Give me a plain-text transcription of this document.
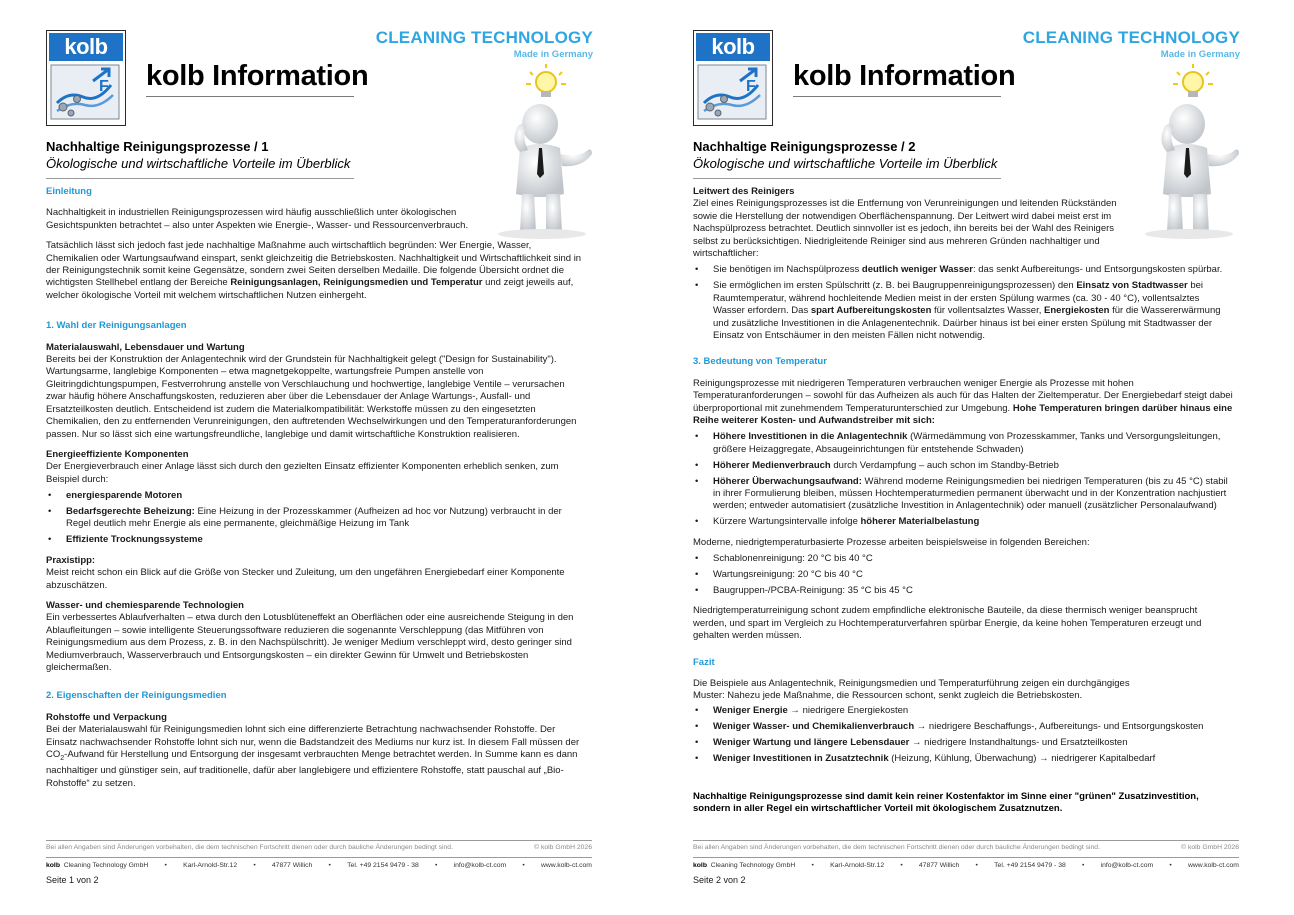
kolb
F kolb Information
CLEANING TECHNOLOGY
Made in Germany
Nachhaltige Reinigungsprozesse / 1
Ökologische und wirtschaftliche Vorteile im Überblick
Einleitung

Nachhaltigkeit in industriellen Reinigungsprozessen wird häufig ausschließlich unter ökologischen Gesichtspunkten betrachtet – also unter Aspekten wie Energie-, Wasser- und Ressourcenverbrauch.

Tatsächlich lässt sich jedoch fast jede nachhaltige Maßnahme auch wirtschaftlich begründen: Wer Energie, Wasser, Chemikalien oder Wartungsaufwand einspart, senkt gleichzeitig die Betriebskosten. Nachhaltigkeit und Wirtschaftlichkeit sind in der Reinigungstechnik somit keine Gegensätze, sondern zwei Seiten derselben Medaille. Die folgende Übersicht ordnet die wichtigsten Stellhebel entlang der Bereiche Reinigungsanlagen, Reinigungsmedien und Temperatur und zeigt jeweils auf, welcher ökologische Vorteil mit welchem wirtschaftlichen Nutzen einhergeht.

1. Wahl der Reinigungsanlagen
Materialauswahl, Lebensdauer und Wartung

Bereits bei der Konstruktion der Anlagentechnik wird der Grundstein für Nachhaltigkeit gelegt ("Design for Sustainability"). Wartungsarme, langlebige Komponenten – etwa magnetgekoppelte, wartungsfreie Pumpen anstelle von Gleitringdichtungspumpen, Festverrohrung anstelle von Verschlauchung und hochwertige, langlebige Ventile – verursachen zwar häufig höhere Anschaffungskosten, reduzieren aber über die Lebensdauer der Anlage Wartungs-, Ausfall- und Ersatzteilkosten deutlich. Entscheidend ist zudem die Materialkompatibilität: Werkstoffe müssen zu den eingesetzten Chemikalien, den zu entfernenden Verunreinigungen, den auftretenden Wechselwirkungen und den Temperaturanforderungen passen. Nur so lässt sich eine wartungsfreundliche, langlebige und damit wirtschaftliche Konstruktion realisieren.

Energieeffiziente Komponenten

Der Energieverbrauch einer Anlage lässt sich durch den gezielten Einsatz effizienter Komponenten erheblich senken, zum Beispiel durch:

• energiesparende Motoren
• Bedarfsgerechte Beheizung: Eine Heizung in der Prozesskammer (Aufheizen ad hoc vor Nutzung) verbraucht in der Regel deutlich mehr Energie als eine permanente, gleichmäßige Heizung im Tank
• Effiziente Trocknungssysteme
Praxistipp:

Meist reicht schon ein Blick auf die Größe von Stecker und Zuleitung, um den ungefähren Energiebedarf einer Komponente abzuschätzen.

Wasser- und chemiesparende Technologien

Ein verbessertes Ablaufverhalten – etwa durch den Lotusblüteneffekt an Oberflächen oder eine ausreichende Steigung in den Ablaufleitungen – sowie intelligente Steuerungssoftware reduzieren die sogenannte Verschleppung (das Mitführen von Reinigungsmedium aus dem Prozess, z. B. in den Nachspülschritt). Je weniger Medium verschleppt wird, desto geringer sind Mediumverbrauch, Wasserverbrauch und Entsorgungskosten – ein direkter Gewinn für Umwelt und Betriebskosten gleichermaßen.

2. Eigenschaften der Reinigungsmedien
Rohstoffe und Verpackung

Bei der Materialauswahl für Reinigungsmedien lohnt sich eine differenzierte Betrachtung nachwachsender Rohstoffe. Der Einsatz nachwachsender Rohstoffe lohnt sich nur, wenn die Badstandzeit des Mediums nur kurz ist. In diesem Fall müssen der $CO_2$-Aufwand für Herstellung und Entsorgung der insgesamt verbrauchten Menge betrachtet werden. In Summe kann es dann nachhaltiger und günstiger sein, auf traditionelle, dafür aber langlebigere und effizientere Rohstoffe, statt pauschal auf „Bio-Rohstoffe“ zu setzen.

Bei allen Angaben sind Änderungen vorbehalten, die dem technischen Fortschritt dienen oder durch bauliche Änderungen bedingt sind.	© kolb GmbH 2026
kolb Cleaning Technology GmbH • Karl-Arnold-Str.12 • 47877 Willich • Tel. +49 2154 9479 - 38 • info@kolb-ct.com • www.kolb-ct.com
Seite 1 von 2
kolb
F kolb Information
CLEANING TECHNOLOGY
Made in Germany
Nachhaltige Reinigungsprozesse / 2
Ökologische und wirtschaftliche Vorteile im Überblick
Leitwert des Reinigers

Ziel eines Reinigungsprozesses ist die Entfernung von Verunreinigungen und leitenden Rückständen sowie die Herstellung der notwendigen Oberflächenspannung. Der Leitwert wird dabei meist erst im Nachspülprozess betrachtet. Deutlich sinnvoller ist es jedoch, ihn bereits bei der Wahl des Reinigers selbst zu berücksichtigen. Niedrigleitende Reiniger sind aus mehreren Gründen nachhaltiger und wirtschaftlicher:

• Sie benötigen im Nachspülprozess deutlich weniger Wasser: das senkt Aufbereitungs- und Entsorgungskosten spürbar.
• Sie ermöglichen im ersten Spülschritt (z. B. bei Baugruppenreinigungsprozessen) den Einsatz von Stadtwasser bei Raumtemperatur, während hochleitende Medien meist in der ersten Spülung warmes (ca. 30 - 40 °C), vollentsalztes Wasser erfordern. Das spart Aufbereitungskosten für vollentsalztes Wasser, Energiekosten für die Wassererwärmung und zusätzliche Investitionen in die Anlagenentechnik. Daürber hinaus ist bei einer ersten Spülung mit Stadtwasser der Einsatz von Entschäumer in den meisten Fällen nicht notwendig.
3. Bedeutung von Temperatur

Reinigungsprozesse mit niedrigeren Temperaturen verbrauchen weniger Energie als Prozesse mit hohen Temperaturanforderungen – sowohl für das Aufheizen als auch für das Halten der Zieltemperatur. Der Energiebedarf steigt dabei überproportional mit zunehmendem Temperaturunterschied zur Umgebung. Hohe Temperaturen bringen darüber hinaus eine Reihe weiterer Kosten- und Aufwandstreiber mit sich:

• Höhere Investitionen in die Anlagentechnik (Wärmedämmung von Prozesskammer, Tanks und Versorgungsleitungen, größere Heizaggregate, Absaugeinrichtungen für entstehende Schwaden)
• Höherer Medienverbrauch durch Verdampfung – auch schon im Standby-Betrieb
• Höherer Überwachungsaufwand: Während moderne Reinigungsmedien bei niedrigen Temperaturen (bis zu 45 °C) stabil in ihrer Formulierung bleiben, müssen Hochtemperaturmedien permanent überwacht und in der Konzentration nachjustiert werden; entweder automatisiert (zusätzliche Investition in Anlagentechnik) oder manuell (zusätzlicher Personalaufwand)
• Kürzere Wartungsintervalle infolge höherer Materialbelastung

Moderne, niedrigtemperaturbasierte Prozesse arbeiten beispielsweise in folgenden Bereichen:

• Schablonenreinigung: 20 °C bis 40 °C
• Wartungsreinigung: 20 °C bis 40 °C
• Baugruppen-/PCBA-Reinigung: 35 °C bis 45 °C

Niedrigtemperaturreinigung schont zudem empfindliche elektronische Bauteile, da diese thermisch weniger beansprucht werden, und spart im Vergleich zu Hochtemperaturverfahren spürbar Energie, da keine hohen Temperaturen erzeugt und gehalten werden müssen.

Fazit

Die Beispiele aus Anlagentechnik, Reinigungsmedien und Temperaturführung zeigen ein durchgängiges Muster: Nahezu jede Maßnahme, die Ressourcen schont, senkt zugleich die Betriebskosten.

• Weniger Energie → niedrigere Energiekosten
• Weniger Wasser- und Chemikalienverbrauch → niedrigere Beschaffungs-, Aufbereitungs- und Entsorgungskosten
• Weniger Wartung und längere Lebensdauer → niedrigere Instandhaltungs- und Ersatzteilkosten
• Weniger Investitionen in Zusatztechnik (Heizung, Kühlung, Überwachung) → niedrigerer Kapitalbedarf

Nachhaltige Reinigungsprozesse sind damit kein reiner Kostenfaktor im Sinne einer "grünen" Zusatzinvestition, sondern in aller Regel ein wirtschaftlicher Vorteil mit ökologischem Zusatznutzen.

Bei allen Angaben sind Änderungen vorbehalten, die dem technischen Fortschritt dienen oder durch bauliche Änderungen bedingt sind.	© kolb GmbH 2026
kolb Cleaning Technology GmbH • Karl-Arnold-Str.12 • 47877 Willich • Tel. +49 2154 9479 - 38 • info@kolb-ct.com • www.kolb-ct.com
Seite 2 von 2
